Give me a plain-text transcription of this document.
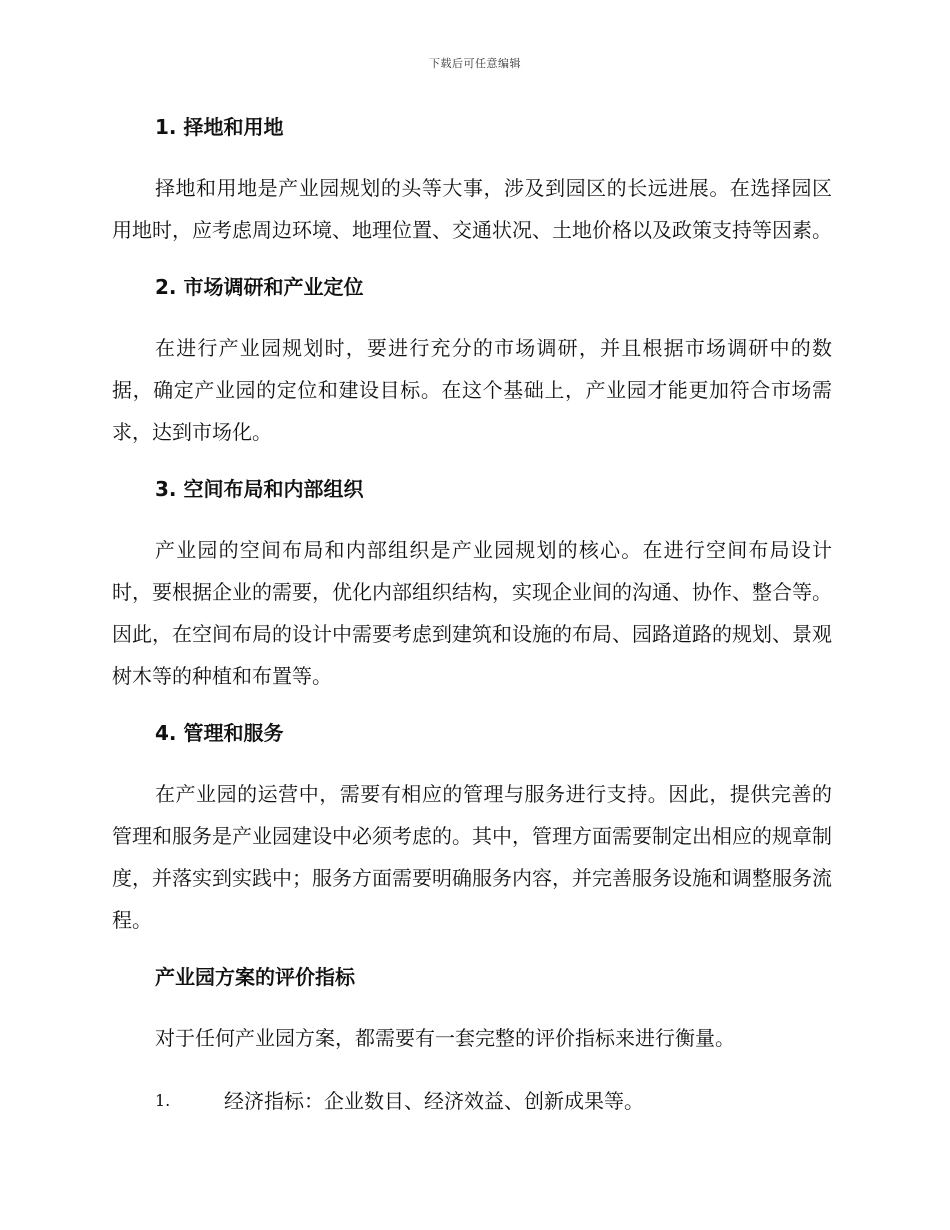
下载后可任意编辑

1. 择地和用地

择地和用地是产业园规划的头等大事，涉及到园区的长远进展。在选择园区用地时，应考虑周边环境、地理位置、交通状况、土地价格以及政策支持等因素。

2. 市场调研和产业定位

在进行产业园规划时，要进行充分的市场调研，并且根据市场调研中的数据，确定产业园的定位和建设目标。在这个基础上，产业园才能更加符合市场需求，达到市场化。

3. 空间布局和内部组织

产业园的空间布局和内部组织是产业园规划的核心。在进行空间布局设计时，要根据企业的需要，优化内部组织结构，实现企业间的沟通、协作、整合等。因此，在空间布局的设计中需要考虑到建筑和设施的布局、园路道路的规划、景观树木等的种植和布置等。

4. 管理和服务

在产业园的运营中，需要有相应的管理与服务进行支持。因此，提供完善的管理和服务是产业园建设中必须考虑的。其中，管理方面需要制定出相应的规章制度，并落实到实践中；服务方面需要明确服务内容，并完善服务设施和调整服务流程。

产业园方案的评价指标

对于任何产业园方案，都需要有一套完整的评价指标来进行衡量。

1.	经济指标：企业数目、经济效益、创新成果等。
